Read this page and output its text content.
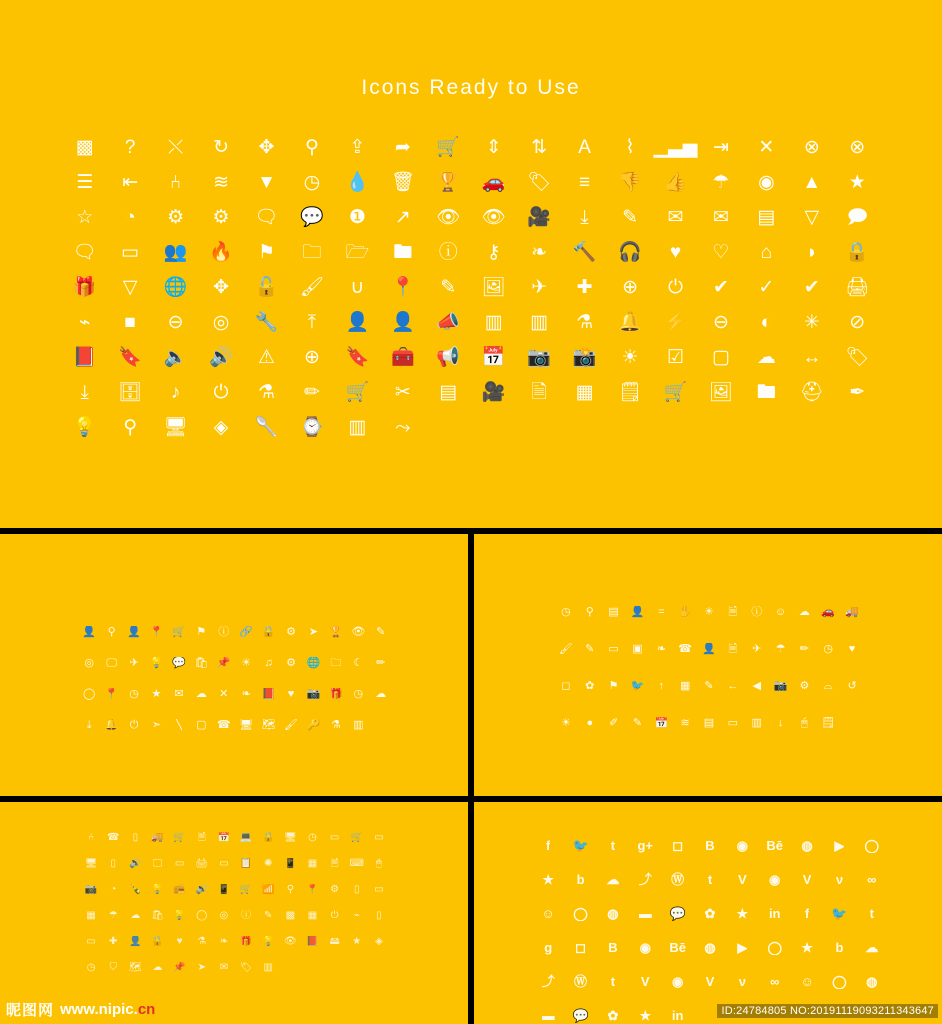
Icons Ready to Use
▩	?	⤬	↻	✥	⚲	⇪	➦	🛒	⇕	⇅	A	⌇ ▁▃▅ ⇥	✕	⊗	⊗
☰	⇤	⑃	≋	▼	◷	💧	🗑	🏆	🚗	🏷	≡	👎	👍	☂	◉	▲	★
☆	◔	⚙	⚙	🗨	💬	❶	↗	👁	👁	🎥	⤓	✎	✉	✉	▤	▽	🗩
🗨	▭	👥	🔥	⚑	🗀	🗁	🖿	ⓘ	⚷	❧	🔨	🎧	♥	♡	⌂	◗	🔒
🎁	▽	🌐	✥	🔓	🖌	∪	📍	✎	🖼	✈	✚	⊕	⏻	✔	✓	✔	🖨
⌁	■	⊖	◎	🔧	⤒	👤	👤	📣	▥	▥	⚗	🔔	⚡	⊖	◐	✳	⊘
📕	🔖	🔈	🔊	⚠	⊕	🔖	🧰	📢	📅	📷	📸	☀	☑	▢	☁	↔	🏷
⤓	🗄	♪	⏻	⚗	✏	🛒	✂	▤	🎥	🗎	▦	🗒	🛒	🖼	🖿	⛑	✒
💡	⚲	🖥	◈	🥄	⌚	▥	⤳
👤 ⚲ 👤 📍 🛒 ⚑ ⓘ 🔗 🔒 ⚙ ➤ 🏆 👁 ✎
◎ 🖵 ✈ 💡 💬 🛍 📌 ☀ ♫ ⚙ 🌐 🗀 ☾ ✏
◯ 📍 ◷ ★ ✉ ☁ ✕ ❧ 📕 ♥ 📷 🎁 ◷ ☁
⤓ 🔔 ⏻ ➣ ╲ ▢ ☎ 🖥 🗺 🖌 🔑 ⚗ ▥
◷ ⚲ ▤ 👤 = ✋ ☀ 🗎 ⓘ ☺ ☁ 🚗 🚚
🖌 ✎ ▭ ▣ ❧ ☎ 👤 🗎 ✈ ☂ ✏ ◷ ♥
◻ ✿ ⚑ 🐦 ↑ ▦ ✎ ← ◀ 📷 ⚙ ⌓ ↺
☀ ● ✐ ✎ 📅 ≋ ▤ ▭ ▥ ↓ 🖱 🗒
⑃ ☎ ▯ 🚚 🛒 🗎 📅 💻 🔒 🖥 ◷ ▭ 🛒 ▭
🖥 ▯ 🔊 🖵 ▭ 🖨 ▭ 📋 ✺ 📱 ▦ 🗎 ⌨ 🖱
📷 ◔ 🍾 💡 📻 🔊 📱 🛒 📶 ⚲ 📍 ⚙ ▯ ▭
▦ ☂ ☁ 🛍 💡 ◯ ◎ ⓘ ✎ ▩ ▦ ⏻ ⌁ ▯
▭ ✚ 👤 🔒 ♥ ⚗ ❧ 🎁 💡 👁 📕 🖴 ★ ◈
◷ ⛉ 🗺 ☁ 📌 ➤ ✉ 🏷 ▥
f 🐦 t g+ ◻ B ◉ Bē ◍ ▶ ◯
★ b ☁ ⤴ Ⓦ t V ◉ V ν ∞
☺ ◯ ◍ ▬ 💬 ✿ ★ in f 🐦 t
g ◻ B ◉ Bē ◍ ▶ ◯ ★ b ☁
⤴ Ⓦ t V ◉ V ν ∞ ☺ ◯ ◍
▬ 💬 ✿ ★ in
昵图网 www.nipic.cn	ID:24784805 NO:20191119093211343647
